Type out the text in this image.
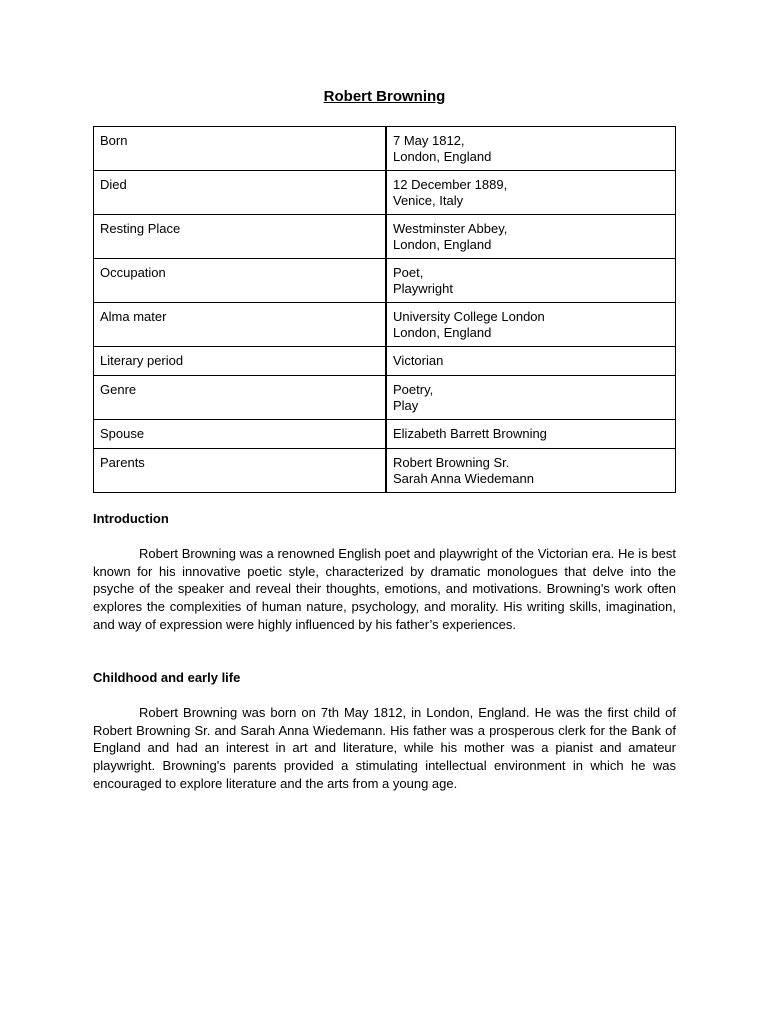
Robert Browning
Born	7 May 1812,
London, England
Died	12 December 1889,
Venice, Italy
Resting Place	Westminster Abbey,
London, England
Occupation	Poet,
Playwright
Alma mater	University College London
London, England
Literary period	Victorian
Genre	Poetry,
Play
Spouse	Elizabeth Barrett Browning
Parents	Robert Browning Sr.
Sarah Anna Wiedemann
Introduction

Robert Browning was a renowned English poet and playwright of the Victorian era. He is best known for his innovative poetic style, characterized by dramatic monologues that delve into the psyche of the speaker and reveal their thoughts, emotions, and motivations. Browning's work often explores the complexities of human nature, psychology, and morality. His writing skills, imagination, and way of expression were highly influenced by his father’s experiences.

Childhood and early life

Robert Browning was born on 7th May 1812, in London, England. He was the first child of Robert Browning Sr. and Sarah Anna Wiedemann. His father was a prosperous clerk for the Bank of England and had an interest in art and literature, while his mother was a pianist and amateur playwright. Browning's parents provided a stimulating intellectual environment in which he was encouraged to explore literature and the arts from a young age.
